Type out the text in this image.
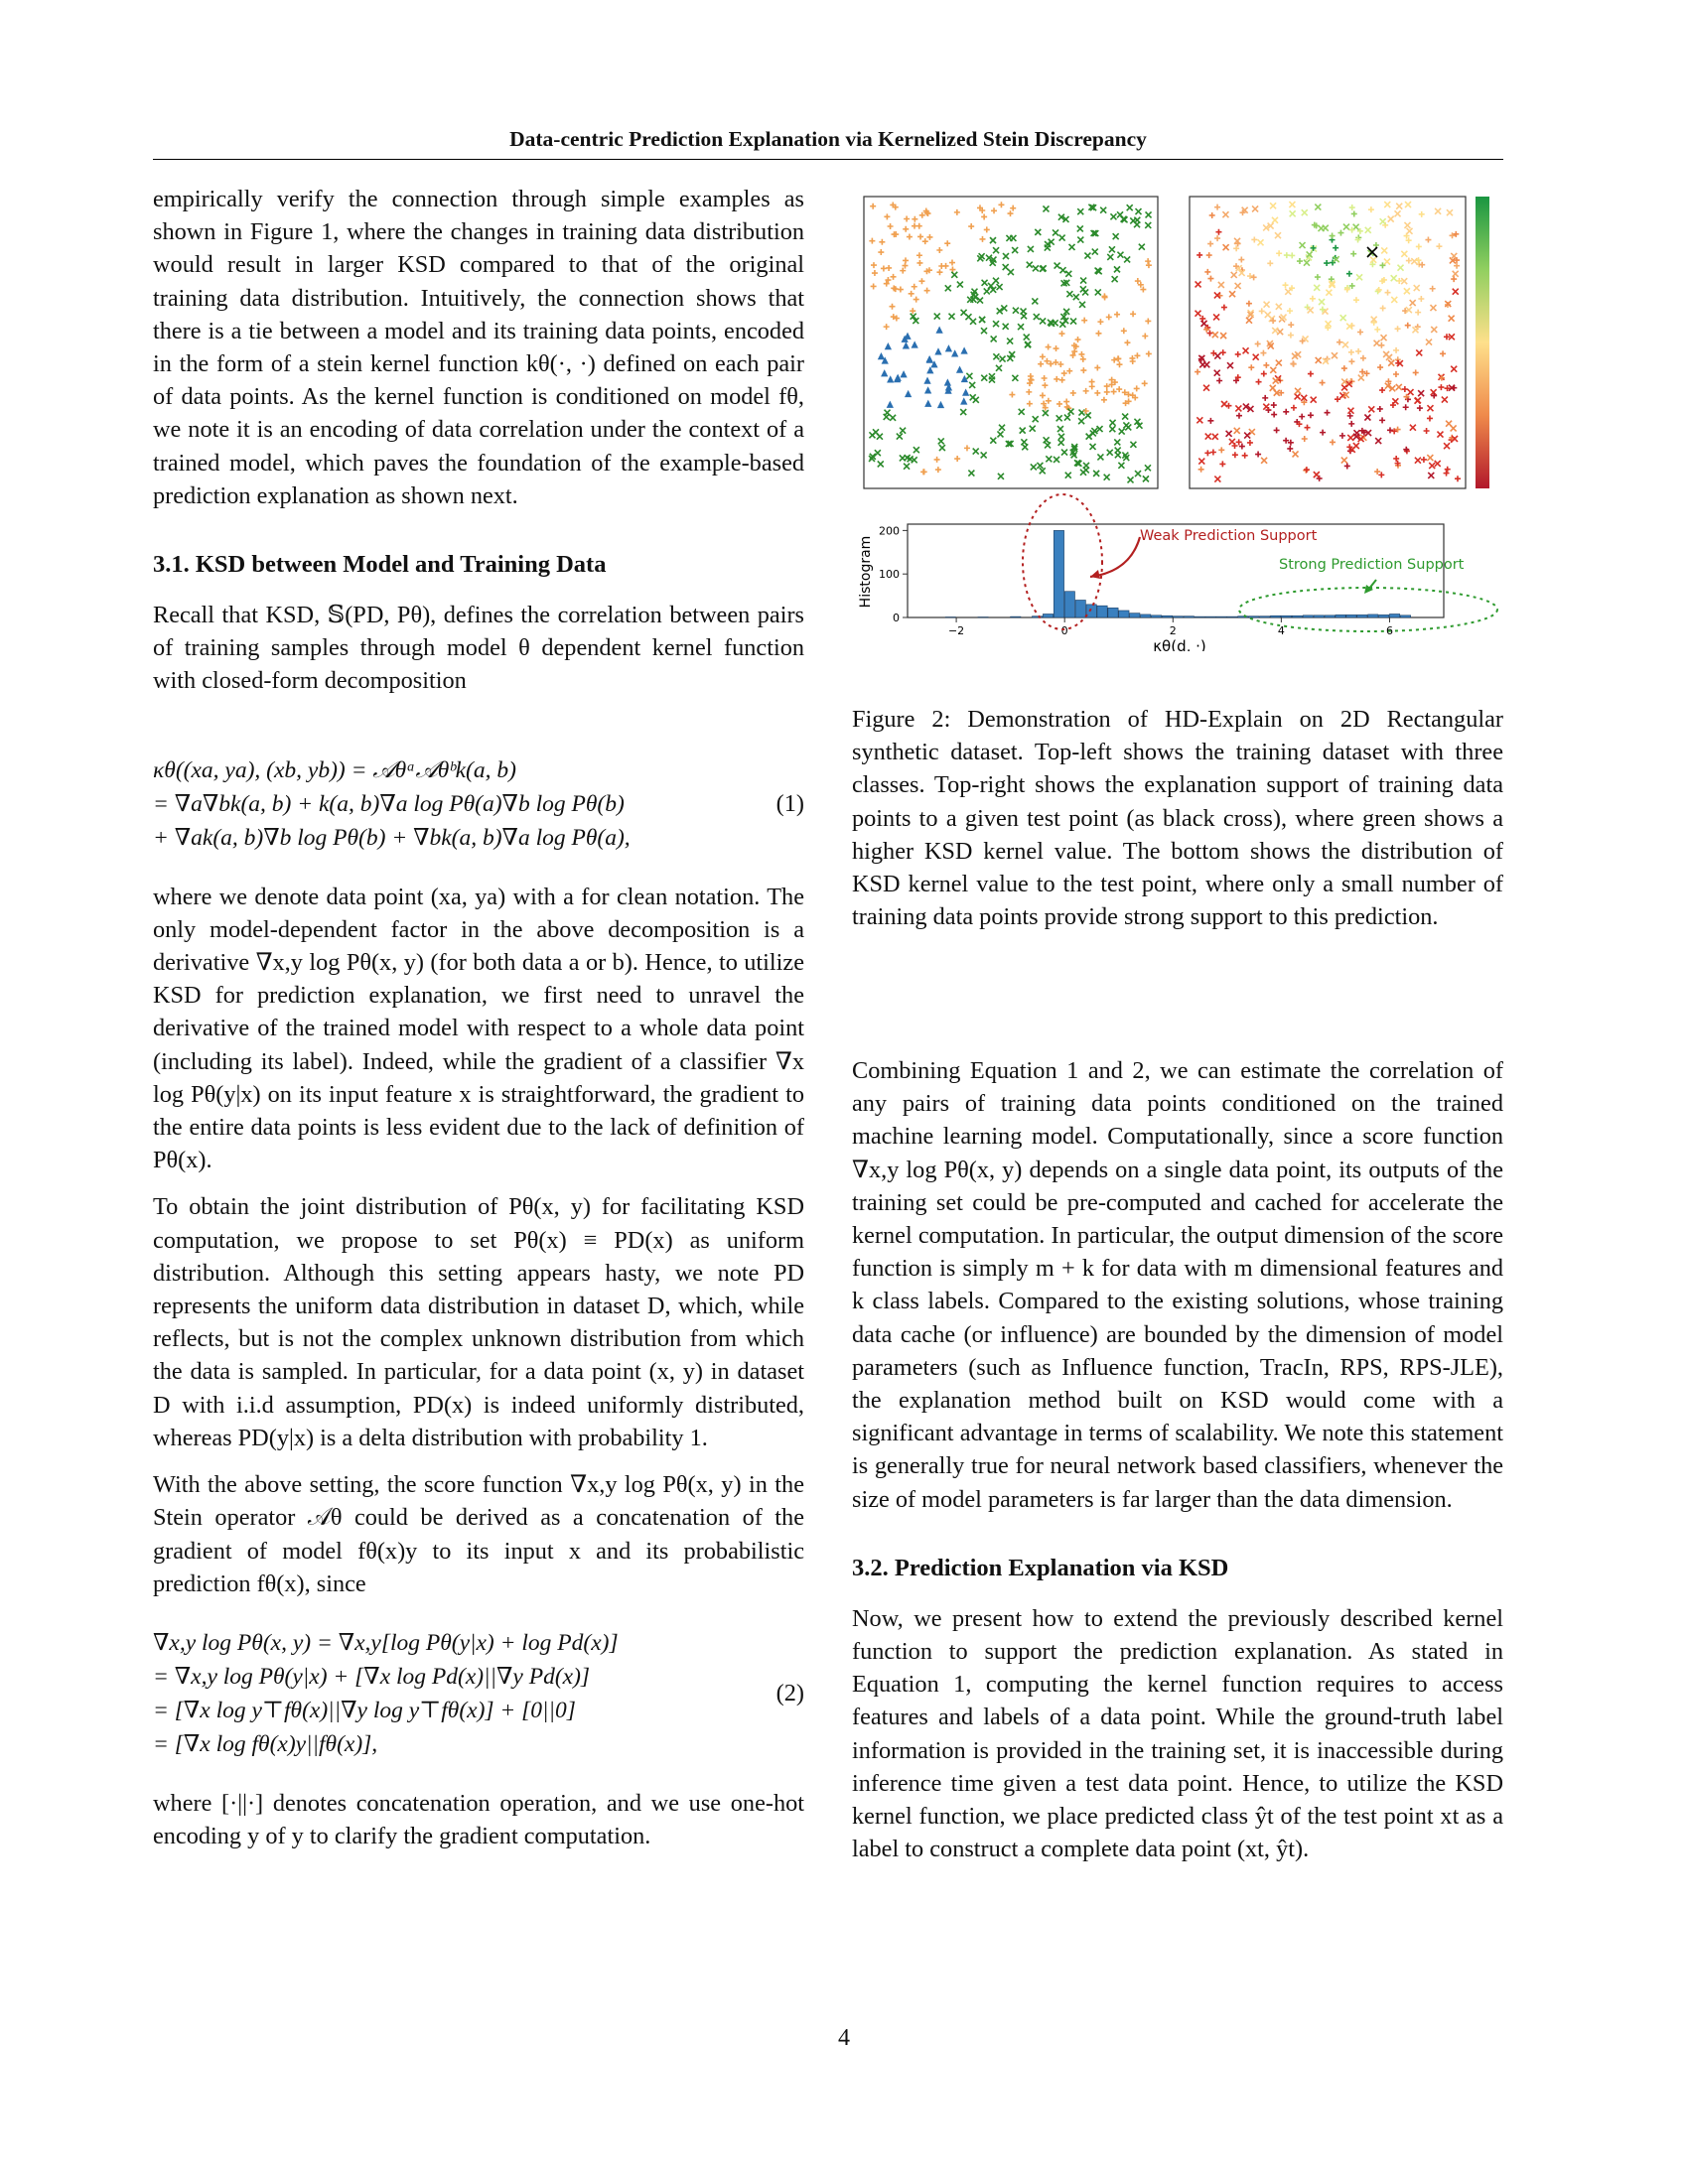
Data-centric Prediction Explanation via Kernelized Stein Discrepancy

empirically verify the connection through simple examples as shown in Figure 1, where the changes in training data distribution would result in larger KSD compared to that of the original training data distribution. Intuitively, the connection shows that there is a tie between a model and its training data points, encoded in the form of a stein kernel function kθ(·, ·) defined on each pair of data points. As the kernel function is conditioned on model fθ, we note it is an encoding of data correlation under the context of a trained model, which paves the foundation of the example-based prediction explanation as shown next.

3.1. KSD between Model and Training Data

Recall that KSD, 𝕊(PD, Pθ), defines the correlation between pairs of training samples through model θ dependent kernel function with closed-form decomposition

κθ((xa, ya), (xb, yb)) = 𝒜θᵃ𝒜θᵇk(a, b)
= ∇a∇bk(a, b) + k(a, b)∇a log Pθ(a)∇b log Pθ(b)
+ ∇ak(a, b)∇b log Pθ(b) + ∇bk(a, b)∇a log Pθ(a),
(1)

where we denote data point (xa, ya) with a for clean notation. The only model-dependent factor in the above decomposition is a derivative ∇x,y log Pθ(x, y) (for both data a or b). Hence, to utilize KSD for prediction explanation, we first need to unravel the derivative of the trained model with respect to a whole data point (including its label). Indeed, while the gradient of a classifier ∇x log Pθ(y|x) on its input feature x is straightforward, the gradient to the entire data points is less evident due to the lack of definition of Pθ(x).

To obtain the joint distribution of Pθ(x, y) for facilitating KSD computation, we propose to set Pθ(x) ≡ PD(x) as uniform distribution. Although this setting appears hasty, we note PD represents the uniform data distribution in dataset D, which, while reflects, but is not the complex unknown distribution from which the data is sampled. In particular, for a data point (x, y) in dataset D with i.i.d assumption, PD(x) is indeed uniformly distributed, whereas PD(y|x) is a delta distribution with probability 1.

With the above setting, the score function ∇x,y log Pθ(x, y) in the Stein operator 𝒜θ could be derived as a concatenation of the gradient of model fθ(x)y to its input x and its probabilistic prediction fθ(x), since

∇x,y log Pθ(x, y) = ∇x,y[log Pθ(y|x) + log Pd(x)]
= ∇x,y log Pθ(y|x) + [∇x log Pd(x)||∇y Pd(x)]
= [∇x log y⊤fθ(x)||∇y log y⊤fθ(x)] + [0||0]
= [∇x log fθ(x)y||fθ(x)],
(2)

where [·||·] denotes concatenation operation, and we use one-hot encoding y of y to clarify the gradient computation.

0
100
200
−2	0	2	4	6
Histogram
κθ(d, ·)
Weak Prediction Support
Strong Prediction Support
Figure 2: Demonstration of HD-Explain on 2D Rectangular synthetic dataset. Top-left shows the training dataset with three classes. Top-right shows the explanation support of training data points to a given test point (as black cross), where green shows a higher KSD kernel value. The bottom shows the distribution of KSD kernel value to the test point, where only a small number of training data points provide strong support to this prediction.

Combining Equation 1 and 2, we can estimate the correlation of any pairs of training data points conditioned on the trained machine learning model. Computationally, since a score function ∇x,y log Pθ(x, y) depends on a single data point, its outputs of the training set could be pre-computed and cached for accelerate the kernel computation. In particular, the output dimension of the score function is simply m + k for data with m dimensional features and k class labels. Compared to the existing solutions, whose training data cache (or influence) are bounded by the dimension of model parameters (such as Influence function, TracIn, RPS, RPS-JLE), the explanation method built on KSD would come with a significant advantage in terms of scalability. We note this statement is generally true for neural network based classifiers, whenever the size of model parameters is far larger than the data dimension.

3.2. Prediction Explanation via KSD

Now, we present how to extend the previously described kernel function to support the prediction explanation. As stated in Equation 1, computing the kernel function requires to access features and labels of a data point. While the ground-truth label information is provided in the training set, it is inaccessible during inference time given a test data point. Hence, to utilize the KSD kernel function, we place predicted class ŷt of the test point xt as a label to construct a complete data point (xt, ŷt).

4
